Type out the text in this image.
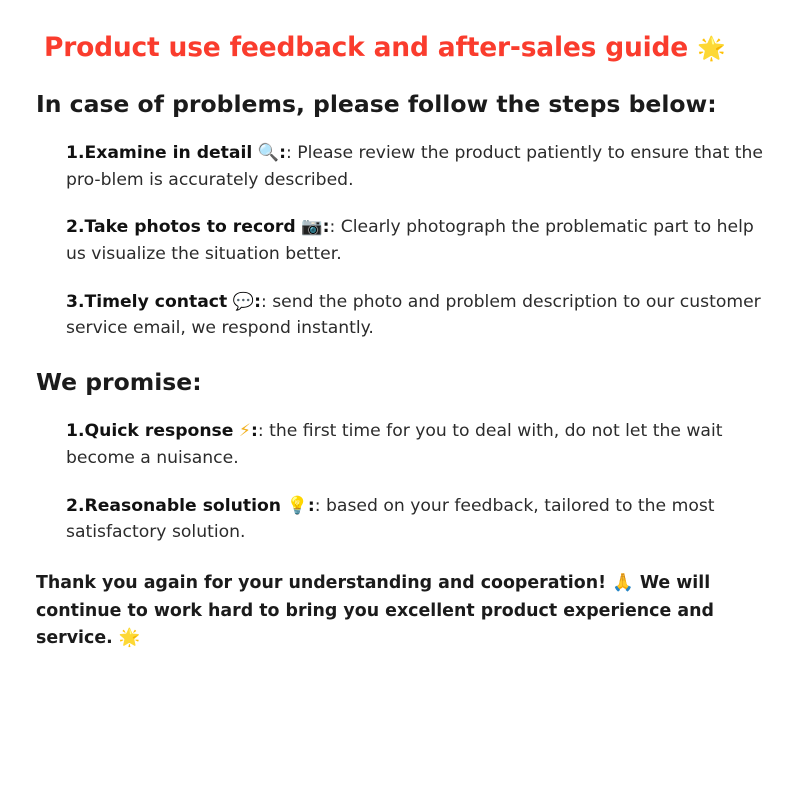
Product use feedback and after-sales guide 🌟
In case of problems, please follow the steps below:
1.Examine in detail 🔍:: Please review the product patiently to ensure that the pro-blem is accurately described.
2.Take photos to record 📷:: Clearly photograph the problematic part to help us visualize the situation better.
3.Timely contact 💬:: send the photo and problem description to our customer service email, we respond instantly.
We promise:
1.Quick response ⚡:: the first time for you to deal with, do not let the wait become a nuisance.
2.Reasonable solution 💡:: based on your feedback, tailored to the most satisfactory solution.
Thank you again for your understanding and cooperation! 🙏 We will continue to work hard to bring you excellent product experience and service. 🌟
